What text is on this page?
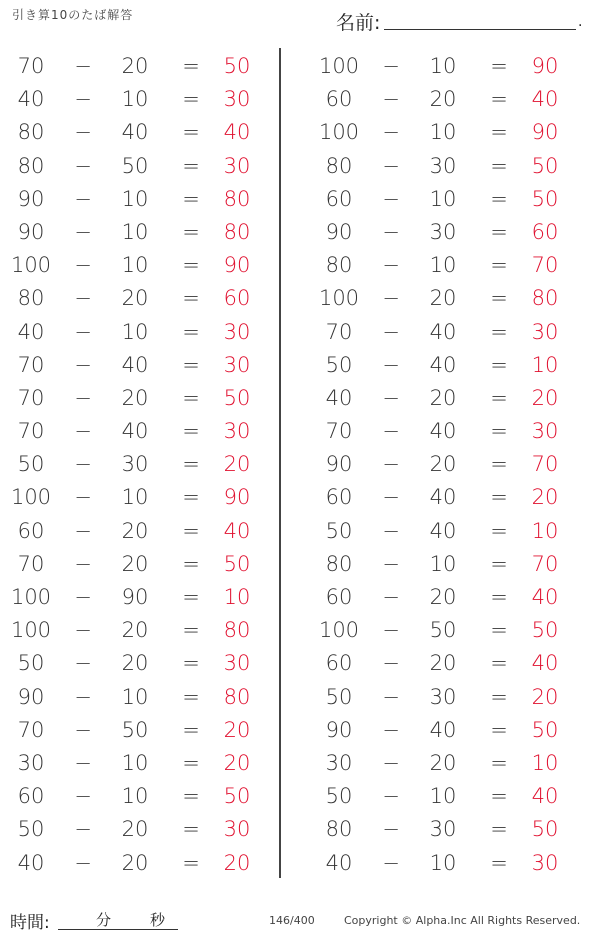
引き算10のたば解答	名前:	.
70	−	20	=	50
40	−	10	=	30
80	−	40	=	40
80	−	50	=	30
90	−	10	=	80
90	−	10	=	80
100 −	10	=	90
80	−	20	=	60
40	−	10	=	30
70	−	40	=	30
70	−	20	=	50
70	−	40	=	30
50	−	30	=	20
100 −	10	=	90
60	−	20	=	40
70	−	20	=	50
100 −	90	=	10
100 −	20	=	80
50	−	20	=	30
90	−	10	=	80
70	−	50	=	20
30	−	10	=	20
60	−	10	=	50
50	−	20	=	30
40	−	20	=	20
100 −	10	=	90
60	−	20	=	40
100 −	10	=	90
80	−	30	=	50
60	−	10	=	50
90	−	30	=	60
80	−	10	=	70
100 −	20	=	80
70	−	40	=	30
50	−	40	=	10
40	−	20	=	20
70	−	40	=	30
90	−	20	=	70
60	−	40	=	20
50	−	40	=	10
80	−	10	=	70
60	−	20	=	40
100 −	50	=	50
60	−	20	=	40
50	−	30	=	20
90	−	40	=	50
30	−	20	=	10
50	−	10	=	40
80	−	30	=	50
40	−	10	=	30
時間:	分	秒	146/400	Copyright © Alpha.Inc All Rights Reserved.
